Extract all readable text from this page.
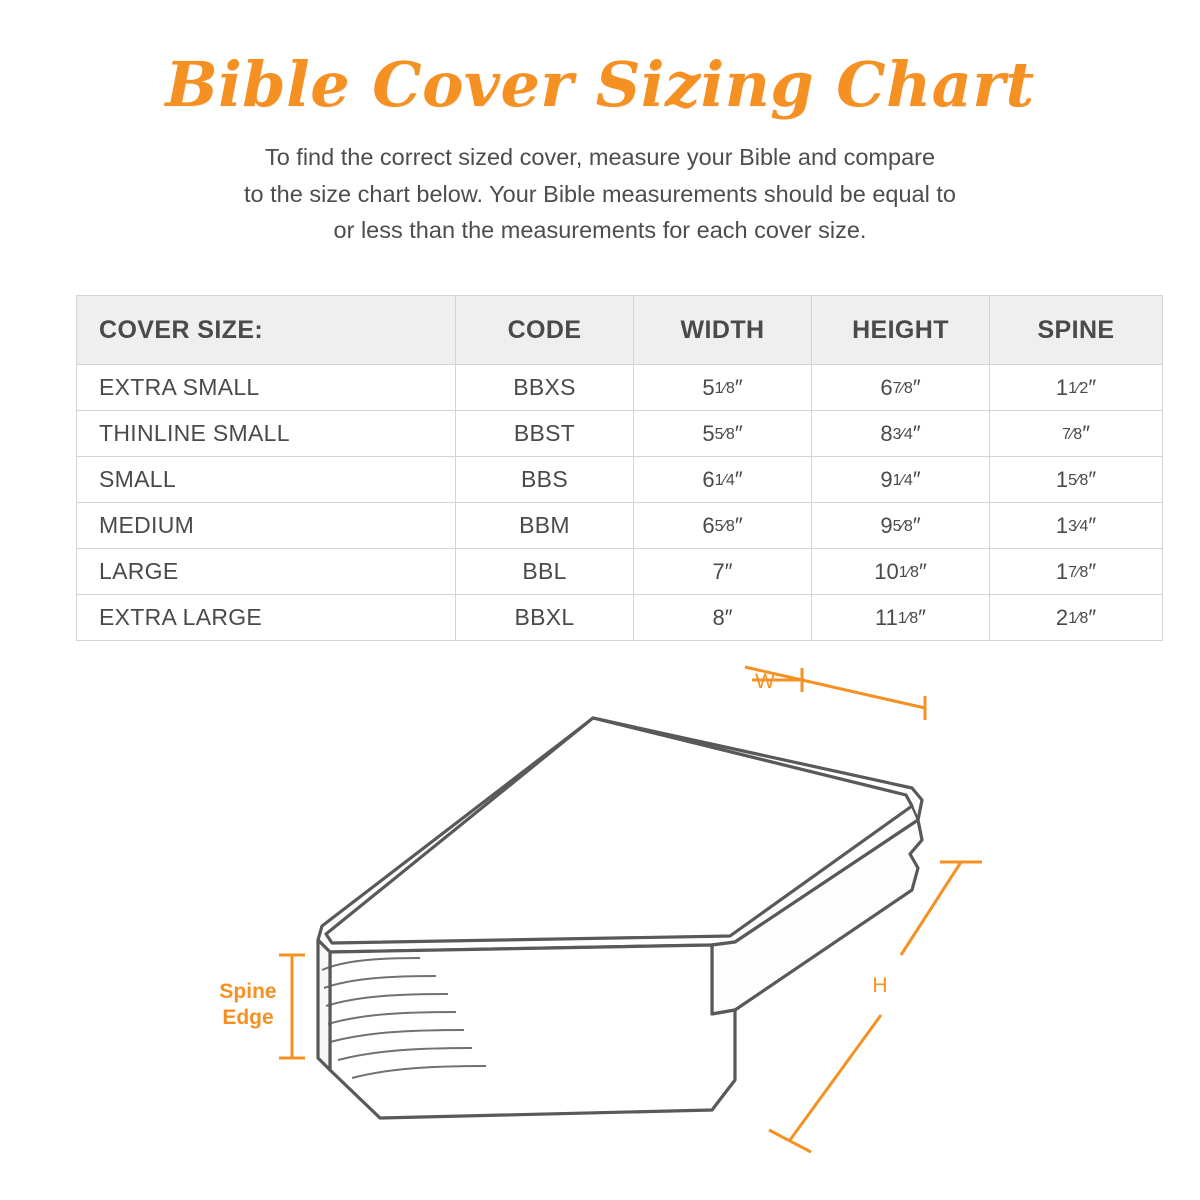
Bible Cover Sizing Chart
To find the correct sized cover, measure your Bible and compare
to the size chart below. Your Bible measurements should be equal to
or less than the measurements for each cover size.
COVER SIZE:	CODE	WIDTH	HEIGHT	SPINE
EXTRA SMALL	BBXS	51⁄8″	67⁄8″	11⁄2″
THINLINE SMALL	BBST	55⁄8″	83⁄4″	7⁄8″
SMALL	BBS	61⁄4″	91⁄4″	15⁄8″
MEDIUM	BBM	65⁄8″	95⁄8″	13⁄4″
LARGE	BBL	7″	101⁄8″	17⁄8″
EXTRA LARGE	BBXL	8″	111⁄8″	21⁄8″
W
H
Spine
Edge
